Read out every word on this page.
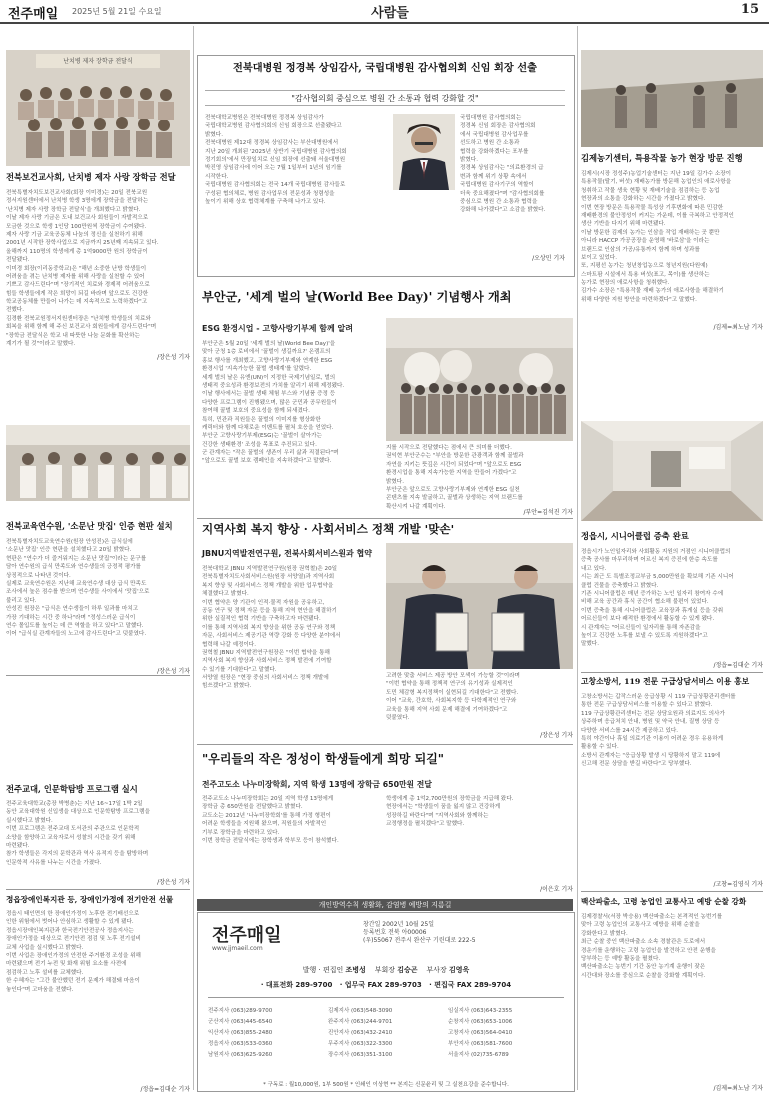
전주매일 2025년 5월 21일 수요일	사람들	15
난치병 제자 장학금 전달식
전북보건교사회, 난치병 제자 사랑 장학금 전달
전북특별자치도보건교사회(회장 이미경)는 20일 전북교원
정서지원센터에서 난치병 학생 3명에게 장학금을 전달하는
'난치병 제자 사랑 장학금 전달식'을 개최했다고 밝혔다.
이날 제자 사랑 기금은 도내 보건교사 회원들이 자발적으로
모금한 것으로 학생 1인당 100만원씩 장학금이 수여됐다.
제자 사랑 기금 교육공동체 나눔의 정신을 실천하기 위해
2001년 시작한 장학사업으로 지금까지 25년째 지속되고 있다.
올해까지 110명의 학생에게 총 1억9000만 원의 장학금이
전달됐다.
이미경 회장(이리동중학교)은 "해년 소중한 난방 학생들이
어려움을 겪는 난치병 제자를 위해 사랑을 실천할 수 있어
기쁘고 감사드린다"며 "장기적인 치료와 경제적 어려움으로
힘들 학생들에게 작은 희망이 되길 바라며 앞으로도 건강한
학교공동체를 만들어 나가는 데 지속적으로 노력하겠다"고
전했다.
김경환 전북교원정서지원센터장은 "난치병 학생들의 치료와
회복을 위해 함께 해 주신 보건교사 회원들에게 감사드린다"며
"장학금 전달식은 학교 내 따뜻한 나눔 문화를 확산하는
계기가 될 것"이라고 말했다.
/장은성 기자
전북교육연수원, '소문난 맛집' 인증 현판 설치
전북특별자치도교육연수원(원장 안성진)은 급식실에
'소문난 맛집' 인증 현판을 설치했다고 20일 밝혔다.
현판은 "연수가 더 즐거워지는 소문난 맛집"이라는 문구를
담아 연수원의 급식 만족도와 연수생들의 긍정적 평가를
상징적으로 나타낸 것이다.
실제로 교육연수원은 지난해 교육연수생 대상 급식 만족도
조사에서 높은 점수를 받으며 연수생들 사이에서 '맛집'으로
불리고 있다.
안성진 원장은 "급식은 연수생들이 하루 일과를 마치고
가장 기대하는 시간 중 하나"라며 "정성스러운 급식이
연수 몰입도를 높이는 데 큰 역할을 하고 있다"고 말했다.
이어 "급식실 관계자들의 노고에 감사드린다"고 덧붙였다.
/장은성 기자
전주교대, 인문학탐방 프로그램 실시
전주교육대학교(총장 박병춘)는 지난 16~17일 1박 2일
동안 교육대학원 신입생을 대상으로 인문학탐방 프로그램을
실시했다고 밝혔다.
이번 프로그램은 전주교대 도서관의 주관으로 인문학적
소양을 함양하고 교육자로서 성찰의 시간을 갖기 위해
마련됐다.
참가 학생들은 각지의 문학관과 역사 유적지 등을 탐방하며
인문학적 사유를 나누는 시간을 가졌다.
/장은성 기자
정읍장애인복지관 등, 장애인가정에 전기안전 선물
정읍시 태인면의 한 장애인가정이 노후한 전기배선으로
인한 위험에서 벗어나 안심하고 생활할 수 있게 됐다.
정읍시장애인복지관과 한국전기안전공사 정읍지사는
장애인가정을 대상으로 전기안전 점검 및 노후 전기설비
교체 사업을 실시했다고 밝혔다.
이번 사업은 장애인가정의 안전한 주거환경 조성을 위해
마련됐으며 전기 누전 및 화재 위험 요소를 사전에
점검하고 노후 설비를 교체했다.
한 수혜자는 "그간 불안했던 전기 문제가 해결돼 마음이
놓인다"며 고마움을 전했다.
/정읍=김대순 기자
전북대병원 정경복 상임감사, 국립대병원 감사협의회 신임 회장 선출
"감사협의회 중심으로 병원 간 소통과 협력 강화할 것"
전북대학교병원은 전북대병원 정경복 상임감사가
국립대학교병원 감사협의회의 신임 회장으로 선출됐다고
밝혔다.
전북대병원 제12대 정경복 상임감사는 부산대병원에서
지난 20일 개최된 '2025년 상반기 국립대병원 감사협의회
정기회의'에서 만장일치로 신임 회장에 선출돼 서울대병원
박진영 상임감사에 이어 오는 7월 1일부터 1년의 임기를
시작한다.
국립대병원 감사협의회는 전국 14개 국립대병원 감사들로
구성된 협의체로, 병원 감사업무의 전문성과 청렴성을
높이기 위해 상호 협력체계를 구축해 나가고 있다.
국립대병원 감사협의회는
정경복 신임 회장은 감사협의회
에서 국립대병원 감사업무를
선도하고 병원 간 소통과
협력을 강화하겠다는 포부를
밝혔다.
정경복 상임감사는 "의료환경의 급
변과 함께 위기 상황 속에서
국립대병원 감사기구의 역할이
더욱 중요해졌다"며 "감사협의회를
중심으로 병원 간 소통과 협력을
강화해 나가겠다"고 소감을 밝혔다.
/오상민 기자
부안군, '세계 벌의 날(World Bee Day)' 기념행사 개최
ESG 환경시업 - 고향사랑기부제 함께 알려
부안군은 5월 20일 '세계 벌의 날(World Bee Day)'을
맞아 군청 1층 로비에서 '꿀벌이 생길까요?' 온캠프의
홍보 행사를 개최했고, 고향사랑기부제와 연계한 ESG
환경시업 '지속가능한 꿀벌 생태계'를 알렸다.
세계 벌의 날은 유엔(UN)이 지정한 국제기념일로, 벌의
생태적 중요성과 환경보전의 가치를 알리기 위해 제정됐다.
이날 행사에서는 꿀벌 생태 체험 부스와 기념품 증정 등
다양한 프로그램이 진행됐으며, 많은 군민과 공무원들이
참여해 꿀벌 보호의 중요성을 함께 되새겼다.
특히, 민관과 직원들은 꿀벌의 이미지를 형상화한
캐릭터와 함께 다채로운 이벤트를 펼쳐 호응을 얻었다.
부안군 고향사랑기부제(ESG)는 '꿀벌이 살아가는
건강한 생태환경' 조성을 목표로 추진되고 있다.
군 관계자는 "작은 꿀벌의 생존이 우리 삶과 직결된다"며
"앞으로도 꿀벌 보호 캠페인을 지속하겠다"고 말했다.
지를 시작으로 전달했다는 점에서 큰 의미를 더했다.
권익현 부안군수는 "부안을 방문한 관광객과 함께 꿀벌과
자연을 지키는 뜻깊은 시간이 되었다"며 "앞으로도 ESG
환경시업을 통해 지속가능한 지역을 만들어 가겠다"고
밝혔다.
부안군은 앞으로도 고향사랑기부제와 연계한 ESG 실천
콘텐츠를 지속 발굴하고, 꿀벌과 상생하는 지역 브랜드를
확산시켜 나갈 계획이다.
/부안=김석진 기자
지역사회 복지 향상 · 사회서비스 정책 개발 '맞손'
JBNU지역발전연구원, 전북사회서비스원과 협약
전북대학교 JBNU 지역발전연구원(원장 권혁철)은 20일
전북특별자치도사회서비스원(원장 서양열)과 지역사회
복지 향상 및 사회서비스 정책 개발을 위한 업무협약을
체결했다고 밝혔다.
이번 협약은 양 기관이 인적·물적 자원을 공유하고,
공동 연구 및 정책 자문 등을 통해 지역 현안을 해결하기
위한 실질적인 협력 기반을 구축하고자 마련됐다.
이를 통해 지역사회 복지 향상을 위한 공동 연구와 정책
자문, 사회서비스 제공기관 역량 강화 등 다양한 분야에서
협력해 나갈 예정이다.
권혁철 JBNU 지역발전연구원장은 "이번 협약을 통해
지역사회 복지 향상과 사회서비스 정책 발전에 기여할
수 있기를 기대한다"고 말했다.
서양열 원장은 "현장 중심의 사회서비스 정책 개발에
힘쓰겠다"고 밝혔다.
고려한 맞춤 서비스 제공 방안 모색이 가능할 것"이라며
"이번 협약을 통해 정책적 연구의 유기성과 실제적인
도민 체감형 복지정책이 실현되길 기대한다"고 전했다.
이어 "교육, 간호학, 사회복지학 등 다학제적인 연구와
교육을 통해 지역 사회 문제 해결에 기여하겠다"고
덧붙였다.
/장은성 기자
"우리들의 작은 정성이 학생들에게 희망 되길"
전주고도소 나누미장학회, 지역 학생 13명에 장학금 650만원 전달
전주교도소 나누미장학회는 20일 지역 학생 13명에게
장학금 총 650만원을 전달했다고 밝혔다.
교도소는 2012년 '나누미장학회'를 통해 가정 형편이
어려운 학생들을 지원해 왔으며, 직원들의 자발적인
기부로 장학금을 마련하고 있다.
이번 장학금 전달식에는 장학생과 학부모 등이 참석했다.
학생에게 총 1억2,700만원의 장학금을 지급해 왔다.
현장에서는 "학생들이 꿈을 잃지 않고 건강하게
성장하길 바란다"며 "지역사회와 함께하는
교정행정을 펼치겠다"고 말했다.
/이은호 기자
개인방역수칙 생활화, 감염병 예방의 지름길
전주매일
www.jjmaeil.com
창간일 2002년 10월 25일
등록번호 전북 아00006
(우)55067 전주시 완산구 기린대로 222-5
발행 · 편집인 조병성 부회장 김승곤 부사장 김영욱
· 대표전화 289-9700 · 업무국 FAX 289-9703 · 편집국 FAX 289-9704
전주지사 (063)289-9700
군산지사 (063)445-6540
익산지사 (063)855-2480
정읍지사 (063)533-0360
남원지사 (063)625-9260
김제지사 (063)548-3090
완주지사 (063)244-9701
진안지사 (063)432-2410
무주지사 (063)322-3300
장수지사 (063)351-3100
임실지사 (063)643-2355
순창지사 (063)653-1006
고창지사 (063)564-0410
부안지사 (063)581-7600
서울지사 (02)735-6789
* 구독료 : 월10,000원, 1부 500원 * 인쇄인 이상현 ** 본지는 신문윤리 및 그 실천요강을 준수합니다.
김제농기센터, 특용작물 농가 현장 방문 진행
김제시(시장 정성주)농업기술센터는 지난 19일 김가수 소장이
특용작물(딸기, 버섯) 재배농가를 방문해 농업인의 애로사항을
청취하고 작물 생육 현황 및 재배기술을 점검하는 등 농업
현장과의 소통을 강화하는 시간을 가졌다고 밝혔다.
이번 현장 방문은 특용작물 특성상 기후변화에 따른 민감한
재배환경의 불안정성이 커지는 가운데, 이를 극복하고 안정적인
생산 기반을 다지기 위해 마련됐다.
이날 방문한 김제의 농가는 인삼을 작업 재배하는 곳 뿐만
아니라 HACCP 가공공장을 운영해 '바로삼'을 이라는
브랜드로 인삼의 가공/유통까지 함께 하며 성과를
보이고 있었다.
또, 지평선 농가는 청년창업농으로 청년지원(다원예)
스마트팜 시설에서 특용 버섯(표고, 목이)를 생산하는
농가로 현장의 애로사항을 청취했다.
김가수 소장은 "특용작물 재배 농가의 애로사항을 해결하기
위해 다양한 지원 방안을 마련하겠다"고 말했다.
/김제=최노남 기자
정읍시, 시니어클럽 증축 완료
정읍시가 노인일자리와 사회활동 지원의 거점인 시니어클럽의
증축 공사를 마무리하며 어르신 복지 증진에 한층 속도를
내고 있다.
시는 최근 도 특별조정교부금 5,000만원을 확보해 기존 시니어
클럽 건물을 증축했다고 밝혔다.
기존 시니어클럽은 매년 증가하는 노인 일자리 참여자 수에
비해 교육 공간과 휴식 공간이 협소해 불편이 있었다.
이번 증축을 통해 시니어클럽은 교육장과 휴게실 등을 갖춰
어르신들이 보다 쾌적한 환경에서 활동할 수 있게 됐다.
시 관계자는 "어르신들이 일자리를 통해 자존감을
높이고 건강한 노후를 보낼 수 있도록 지원하겠다"고
말했다.
/정읍=김대순 기자
고창소방서, 119 전문 구급상담서비스 이용 홍보
고창소방서는 갑작스러운 응급상황 시 119 구급상황관리센터를
통한 전문 구급상담서비스를 이용할 수 있다고 밝혔다.
119 구급상황관리센터는 전문 상담요원과 의료지도 의사가
상주하며 응급처치 안내, 병원 및 약국 안내, 질병 상담 등
다양한 서비스를 24시간 제공하고 있다.
특히 야간이나 휴일 의료기관 이용이 어려운 경우 유용하게
활용할 수 있다.
소방서 관계자는 "응급상황 발생 시 당황하지 말고 119에
신고해 전문 상담을 받길 바란다"고 당부했다.
/고창=김영식 기자
백산파출소, 고령 농업인 교통사고 예방 순찰 강화
김제경찰서(서장 박승용) 백산파출소는 본격적인 농번기를
맞아 고령 농업인의 교통사고 예방을 위해 순찰을
강화한다고 밝혔다.
최근 순찰 중인 백산파출소 소속 경찰관은 도로에서
경운기를 운행하는 고령 농업인을 발견하고 안전 운행을
당부하는 등 예방 활동을 펼쳤다.
백산파출소는 농번기 기간 동안 농기계 운행이 잦은
시간대와 장소를 중심으로 순찰을 강화할 계획이다.
/김제=최노남 기자
